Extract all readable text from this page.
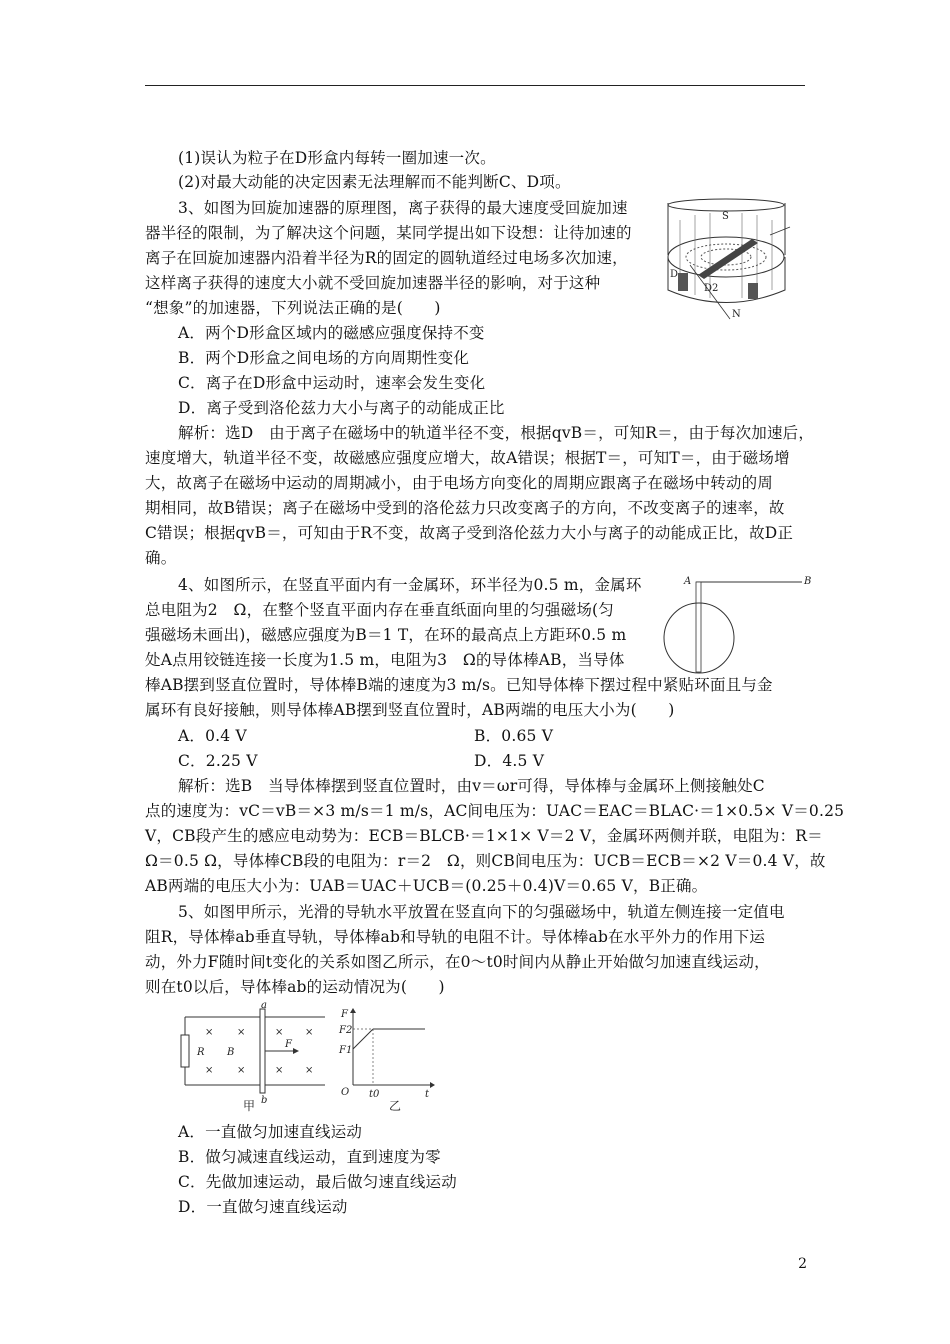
(1)误认为粒子在D形盒内每转一圈加速一次。
(2)对最大动能的决定因素无法理解而不能判断C、D项。
3、如图为回旋加速器的原理图，离子获得的最大速度受回旋加速
器半径的限制，为了解决这个问题，某同学提出如下设想：让待加速的
离子在回旋加速器内沿着半径为R的固定的圆轨道经过电场多次加速，
这样离子获得的速度大小就不受回旋加速器半径的影响，对于这种
“想象”的加速器，下列说法正确的是(　　)
S
N
D
D2
A．两个D形盒区域内的磁感应强度保持不变
B．两个D形盒之间电场的方向周期性变化
C．离子在D形盒中运动时，速率会发生变化
D．离子受到洛伦兹力大小与离子的动能成正比
解析：选D　由于离子在磁场中的轨道半径不变，根据qvB＝，可知R＝，由于每次加速后，
速度增大，轨道半径不变，故磁感应强度应增大，故A错误；根据T＝，可知T＝，由于磁场增
大，故离子在磁场中运动的周期减小，由于电场方向变化的周期应跟离子在磁场中转动的周
期相同，故B错误；离子在磁场中受到的洛伦兹力只改变离子的方向，不改变离子的速率，故
C错误；根据qvB＝，可知由于R不变，故离子受到洛伦兹力大小与离子的动能成正比，故D正
确。
4、如图所示，在竖直平面内有一金属环，环半径为0.5 m，金属环
总电阻为2　Ω，在整个竖直平面内存在垂直纸面向里的匀强磁场(匀
强磁场未画出)，磁感应强度为B＝1 T，在环的最高点上方距环0.5 m
处A点用铰链连接一长度为1.5 m，电阻为3　Ω的导体棒AB，当导体
棒AB摆到竖直位置时，导体棒B端的速度为3 m/s。已知导体棒下摆过程中紧贴环面且与金
属环有良好接触，则导体棒AB摆到竖直位置时，AB两端的电压大小为(　　)
A	B
A．0.4 V	B．0.65 V
C．2.25 V	D．4.5 V
解析：选B　当导体棒摆到竖直位置时，由v＝ωr可得，导体棒与金属环上侧接触处C
点的速度为：vC＝vB＝×3 m/s＝1 m/s，AC间电压为：UAC＝EAC＝BLAC·＝1×0.5× V＝0.25
V，CB段产生的感应电动势为：ECB＝BLCB·＝1×1× V＝2 V，金属环两侧并联，电阻为：R＝
Ω＝0.5 Ω，导体棒CB段的电阻为：r＝2　Ω，则CB间电压为：UCB＝ECB＝×2 V＝0.4 V，故
AB两端的电压大小为：UAB＝UAC＋UCB＝(0.25＋0.4)V＝0.65 V，B正确。
5、如图甲所示，光滑的导轨水平放置在竖直向下的匀强磁场中，轨道左侧连接一定值电
阻R，导体棒ab垂直导轨，导体棒ab和导轨的电阻不计。导体棒ab在水平外力的作用下运
动，外力F随时间t变化的关系如图乙所示，在0～t0时间内从静止开始做匀加速直线运动，
则在t0以后，导体棒ab的运动情况为(　　)
R B
F
a
b
× ×	× ×
× ×	× ×
甲
F
F2
F1
O t0	t
乙
A．一直做匀加速直线运动
B．做匀减速直线运动，直到速度为零
C．先做加速运动，最后做匀速直线运动
D．一直做匀速直线运动
2
